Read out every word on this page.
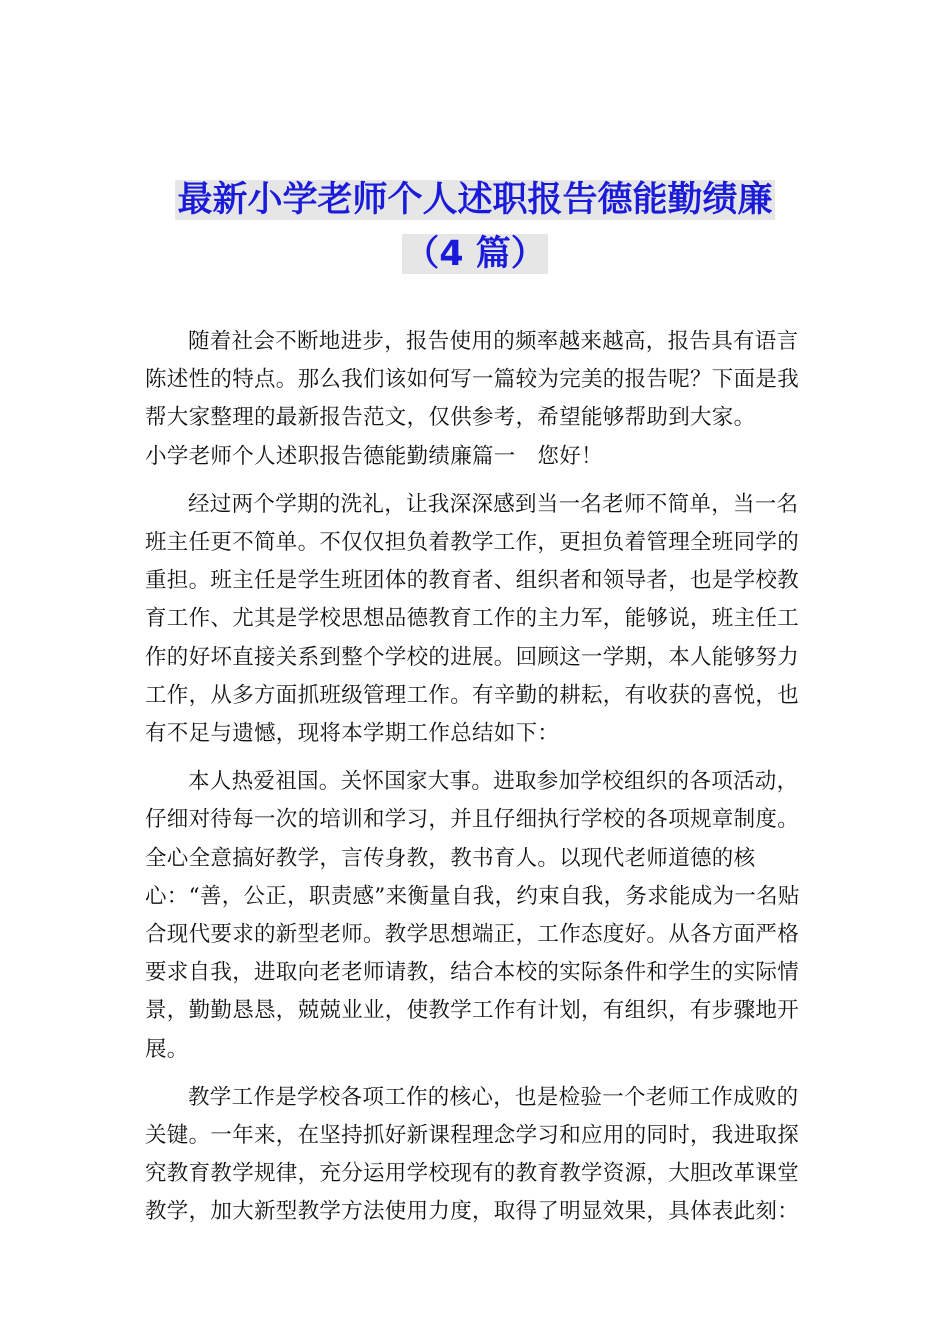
最新小学老师个人述职报告德能勤绩廉
（4 篇）

随着社会不断地进步，报告使用的频率越来越高，报告具有语言陈述性的特点。那么我们该如何写一篇较为完美的报告呢？下面是我帮大家整理的最新报告范文，仅供参考，希望能够帮助到大家。

小学老师个人述职报告德能勤绩廉篇一　您好！

经过两个学期的洗礼，让我深深感到当一名老师不简单，当一名班主任更不简单。不仅仅担负着教学工作，更担负着管理全班同学的重担。班主任是学生班团体的教育者、组织者和领导者，也是学校教育工作、尤其是学校思想品德教育工作的主力军，能够说，班主任工作的好坏直接关系到整个学校的进展。回顾这一学期，本人能够努力工作，从多方面抓班级管理工作。有辛勤的耕耘，有收获的喜悦，也有不足与遗憾，现将本学期工作总结如下：

本人热爱祖国。关怀国家大事。进取参加学校组织的各项活动，仔细对待每一次的培训和学习，并且仔细执行学校的各项规章制度。全心全意搞好教学，言传身教，教书育人。以现代老师道德的核心：“善，公正，职责感”来衡量自我，约束自我，务求能成为一名贴合现代要求的新型老师。教学思想端正，工作态度好。从各方面严格要求自我，进取向老老师请教，结合本校的实际条件和学生的实际情景，勤勤恳恳，兢兢业业，使教学工作有计划，有组织，有步骤地开展。

教学工作是学校各项工作的核心，也是检验一个老师工作成败的关键。一年来，在坚持抓好新课程理念学习和应用的同时，我进取探究教育教学规律，充分运用学校现有的教育教学资源，大胆改革课堂教学，加大新型教学方法使用力度，取得了明显效果，具体表此刻：
